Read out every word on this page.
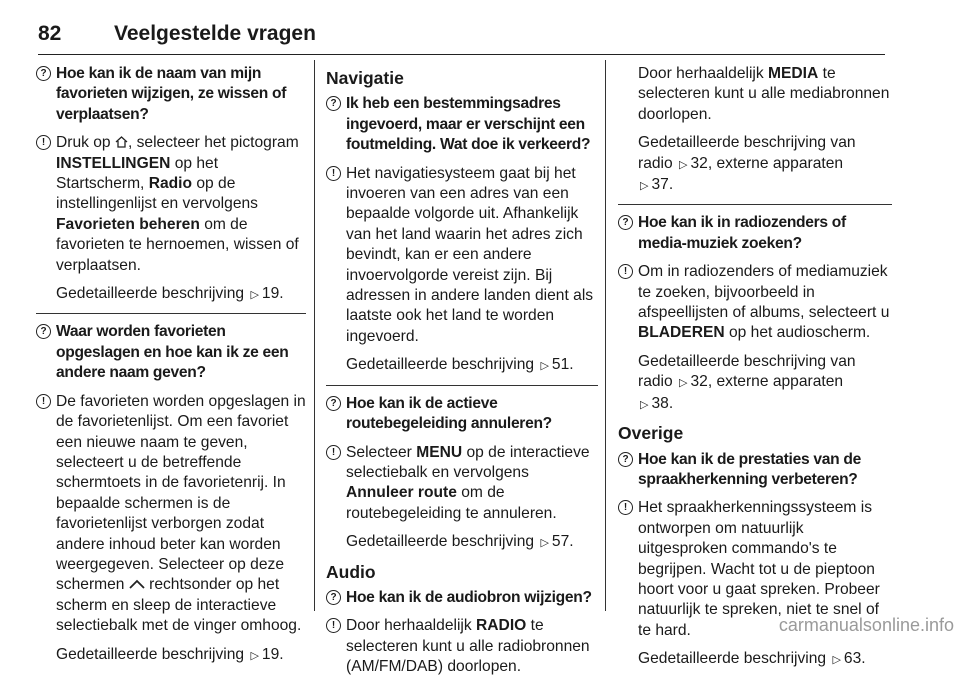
82	Veelgestelde vragen
? Hoe kan ik de naam van mijn favorieten wijzigen, ze wissen of verplaatsen?
! Druk op , selecteer het pictogram INSTELLINGEN op het Startscherm, Radio op de instellingenlijst en vervolgens Favorieten beheren om de favorieten te hernoemen, wissen of verplaatsen.
Gedetailleerde beschrijving ▷ 19.
? Waar worden favorieten opgeslagen en hoe kan ik ze een andere naam geven?
! De favorieten worden opgeslagen in de favorietenlijst. Om een favoriet een nieuwe naam te geven, selecteert u de betreffende schermtoets in de favorietenrij. In bepaalde schermen is de favorietenlijst verborgen zodat andere inhoud beter kan worden weergegeven. Selecteer op deze schermen  rechtsonder op het scherm en sleep de interactieve selectiebalk met de vinger omhoog.
Gedetailleerde beschrijving ▷ 19.
Navigatie
? Ik heb een bestemmingsadres ingevoerd, maar er verschijnt een foutmelding. Wat doe ik verkeerd?
! Het navigatiesysteem gaat bij het invoeren van een adres van een bepaalde volgorde uit. Afhankelijk van het land waarin het adres zich bevindt, kan er een andere invoervolgorde vereist zijn. Bij adressen in andere landen dient als laatste ook het land te worden ingevoerd.
Gedetailleerde beschrijving ▷ 51.
? Hoe kan ik de actieve routebegeleiding annuleren?
! Selecteer MENU op de interactieve selectiebalk en vervolgens Annuleer route om de routebegeleiding te annuleren.
Gedetailleerde beschrijving ▷ 57.
Audio
? Hoe kan ik de audiobron wijzigen?
! Door herhaaldelijk RADIO te selecteren kunt u alle radiobronnen (AM/FM/DAB) doorlopen.
Door herhaaldelijk MEDIA te selecteren kunt u alle mediabronnen doorlopen.
Gedetailleerde beschrijving van radio ▷ 32, externe apparaten
▷ 37.
? Hoe kan ik in radiozenders of media-muziek zoeken?
! Om in radiozenders of mediamuziek te zoeken, bijvoorbeeld in afspeellijsten of albums, selecteert u BLADEREN op het audioscherm.
Gedetailleerde beschrijving van radio ▷ 32, externe apparaten
▷ 38.
Overige
? Hoe kan ik de prestaties van de spraakherkenning verbeteren?
! Het spraakherkenningssysteem is ontworpen om natuurlijk uitgesproken commando's te begrijpen. Wacht tot u de pieptoon hoort voor u gaat spreken. Probeer natuurlijk te spreken, niet te snel of te hard.
Gedetailleerde beschrijving ▷ 63.
carmanualsonline.info
